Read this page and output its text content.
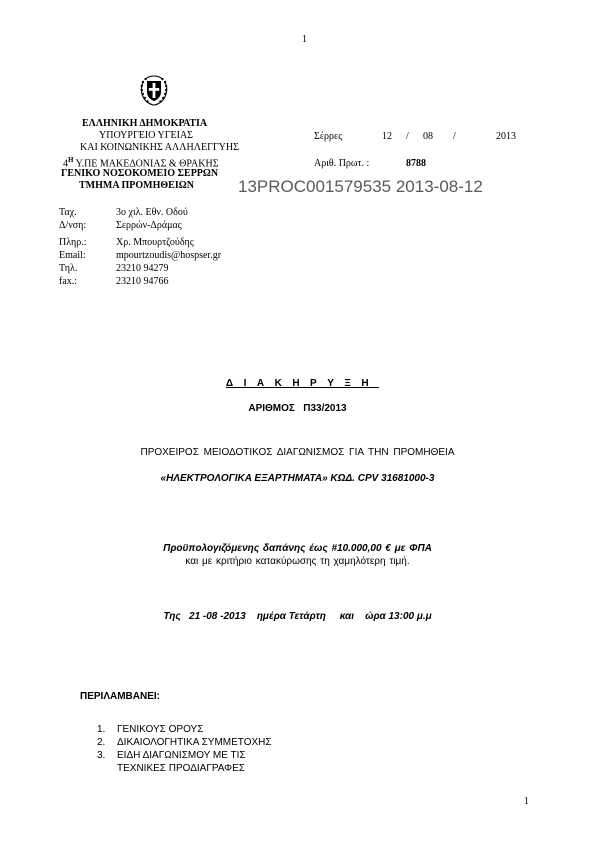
1
ΕΛΛΗΝΙΚΗ ΔΗΜΟΚΡΑΤΙΑ
ΥΠΟΥΡΓΕΙΟ ΥΓΕΙΑΣ
ΚΑΙ ΚΟΙΝΩΝΙΚΗΣ ΑΛΛΗΛΕΓΓΥΗΣ
$4^H$ Υ.ΠΕ ΜΑΚΕΔΟΝΙΑΣ & ΘΡΑΚΗΣ
ΓΕΝΙΚΟ ΝΟΣΟΚΟΜΕΙΟ ΣΕΡΡΩΝ
ΤΜΗΜΑ ΠΡΟΜΗΘΕΙΩΝ
Σέρρες	12 / 08 /	2013
Αριθ. Πρωτ. :	8788
13PROC001579535 2013-08-12
Ταχ.	3ο χιλ. Εθν. Οδού
Δ/νση:	Σερρών-Δράμας
Πληρ.:	Χρ. Μπουρτζούδης
Email:	mpourtzoudis@hospser.gr
Τηλ.	23210 94279
fax.:	23210 94766
ΔΙΑΚΗΡΥΞΗ
ΑΡΙΘΜΟΣ   Π33/2013
ΠΡΟΧΕΙΡΟΣ ΜΕΙΟΔΟΤΙΚΟΣ ΔΙΑΓΩΝΙΣΜΟΣ ΓΙΑ ΤΗΝ ΠΡΟΜΗΘΕΙΑ
«ΗΛΕΚΤΡΟΛΟΓΙΚΑ ΕΞΑΡΤΗΜΑΤΑ» ΚΩΔ. CPV 31681000-3
Προϋπολογιζόμενης δαπάνης έως #10.000,00 € με ΦΠΑ
και με κριτήριο κατακύρωσης τη χαμηλότερη τιμή.
Της   21 -08 -2013    ημέρα Τετάρτη     και    ώρα 13:00 μ.μ
ΠΕΡΙΛΑΜΒΑΝΕΙ:
1. ΓΕΝΙΚΟΥΣ ΟΡΟΥΣ
2. ΔΙΚΑΙΟΛΟΓΗΤΙΚΑ ΣΥΜΜΕΤΟΧΗΣ
3. ΕΙΔΗ ΔΙΑΓΩΝΙΣΜΟΥ ΜΕ ΤΙΣ
ΤΕΧΝΙΚΕΣ ΠΡΟΔΙΑΓΡΑΦΕΣ
1
